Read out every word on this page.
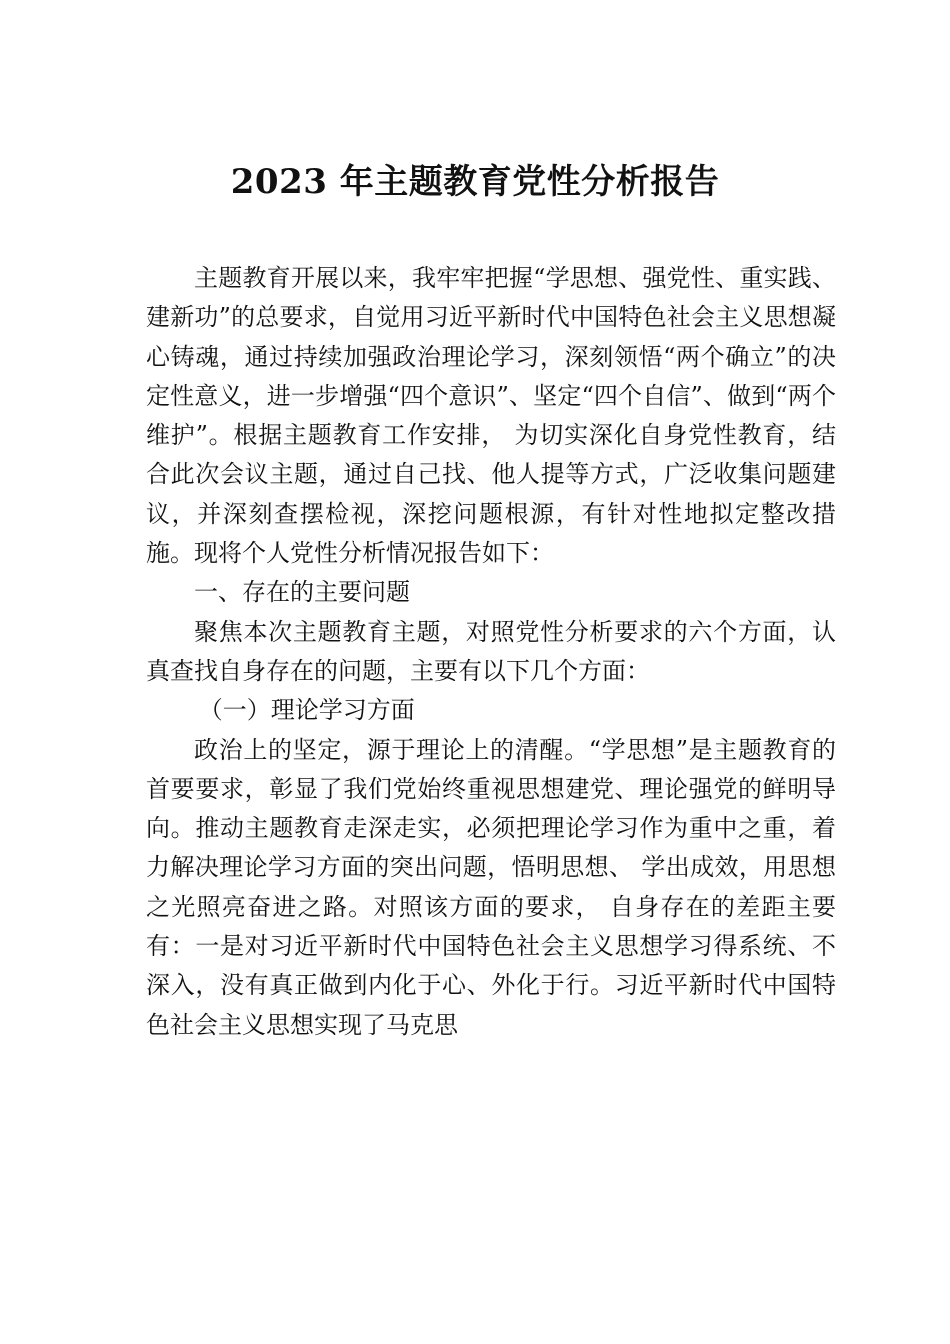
2023 年主题教育党性分析报告

主题教育开展以来，我牢牢把握“学思想、强党性、重实践、建新功”的总要求，自觉用习近平新时代中国特色社会主义思想凝心铸魂，通过持续加强政治理论学习，深刻领悟“两个确立”的决定性意义，进一步增强“四个意识”、坚定“四个自信”、做到“两个维护”。根据主题教育工作安排， 为切实深化自身党性教育，结合此次会议主题，通过自己找、他人提等方式，广泛收集问题建议，并深刻查摆检视，深挖问题根源，有针对性地拟定整改措施。现将个人党性分析情况报告如下：

一、存在的主要问题

聚焦本次主题教育主题，对照党性分析要求的六个方面，认真查找自身存在的问题，主要有以下几个方面：

（一）理论学习方面

政治上的坚定，源于理论上的清醒。“学思想”是主题教育的首要要求，彰显了我们党始终重视思想建党、理论强党的鲜明导向。推动主题教育走深走实，必须把理论学习作为重中之重，着力解决理论学习方面的突出问题，悟明思想、 学出成效，用思想之光照亮奋进之路。对照该方面的要求， 自身存在的差距主要有：一是对习近平新时代中国特色社会主义思想学习得系统、不深入，没有真正做到内化于心、外化于行。习近平新时代中国特色社会主义思想实现了马克思
